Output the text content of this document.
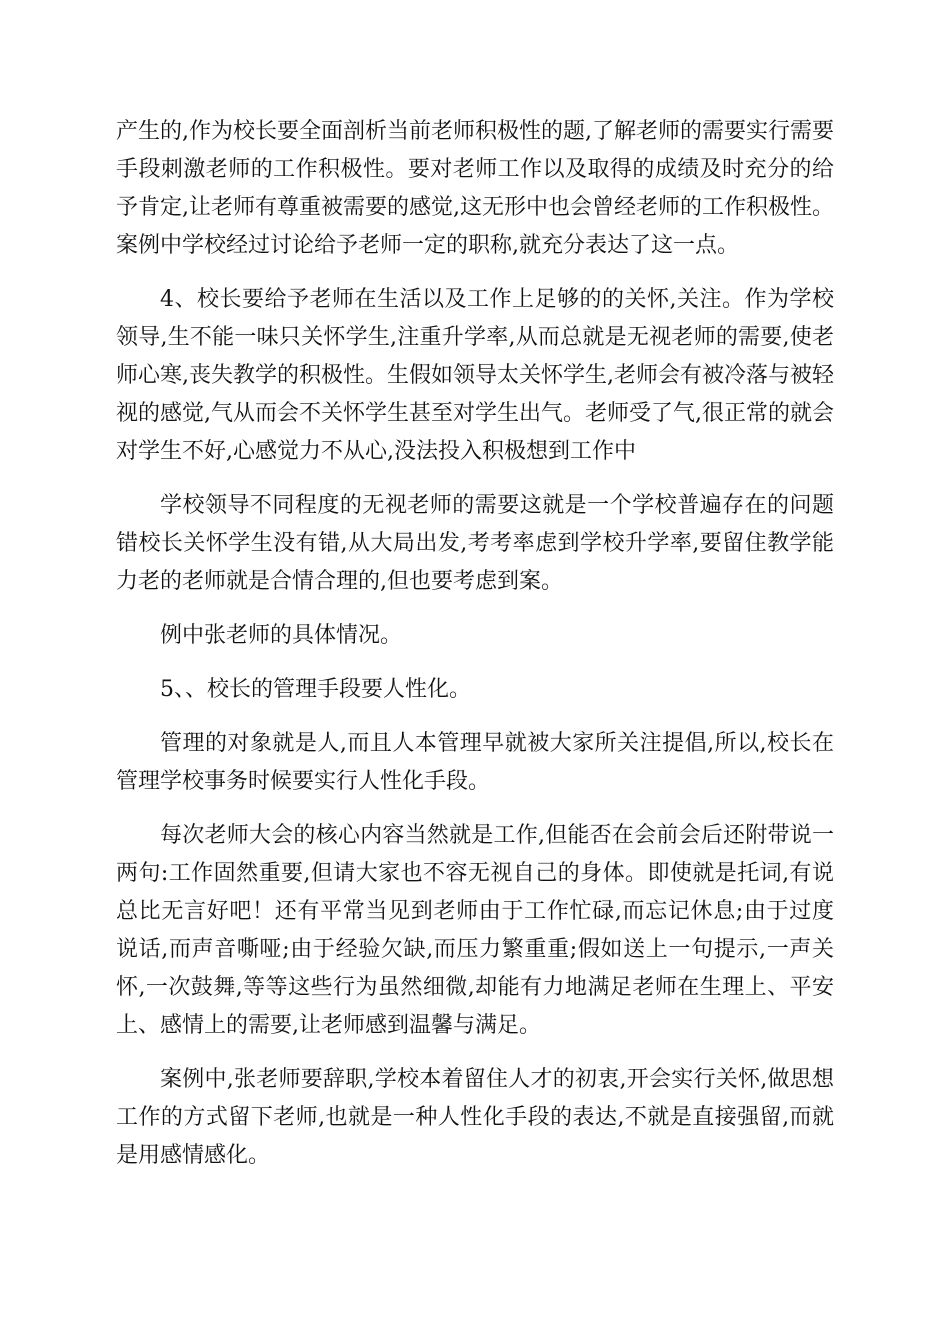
产生的,作为校长要全面剖析当前老师积极性的题,了解老师的需要实行需要手段刺激老师的工作积极性。要对老师工作以及取得的成绩及时充分的给予肯定,让老师有尊重被需要的感觉,这无形中也会曾经老师的工作积极性。案例中学校经过讨论给予老师一定的职称,就充分表达了这一点。

4、校长要给予老师在生活以及工作上足够的的关怀,关注。作为学校领导,生不能一味只关怀学生,注重升学率,从而总就是无视老师的需要,使老师心寒,丧失教学的积极性。生假如领导太关怀学生,老师会有被冷落与被轻视的感觉,气从而会不关怀学生甚至对学生出气。老师受了气,很正常的就会对学生不好,心感觉力不从心,没法投入积极想到工作中

学校领导不同程度的无视老师的需要这就是一个学校普遍存在的问题错校长关怀学生没有错,从大局出发,考考率虑到学校升学率,要留住教学能力老的老师就是合情合理的,但也要考虑到案。

例中张老师的具体情况。

5、、校长的管理手段要人性化。

管理的对象就是人,而且人本管理早就被大家所关注提倡,所以,校长在管理学校事务时候要实行人性化手段。

每次老师大会的核心内容当然就是工作,但能否在会前会后还附带说一两句:工作固然重要,但请大家也不容无视自己的身体。即使就是托词,有说总比无言好吧！还有平常当见到老师由于工作忙碌,而忘记休息;由于过度说话,而声音嘶哑;由于经验欠缺,而压力繁重重;假如送上一句提示,一声关怀,一次鼓舞,等等这些行为虽然细微,却能有力地满足老师在生理上、平安上、感情上的需要,让老师感到温馨与满足。

案例中,张老师要辞职,学校本着留住人才的初衷,开会实行关怀,做思想工作的方式留下老师,也就是一种人性化手段的表达,不就是直接强留,而就是用感情感化。
